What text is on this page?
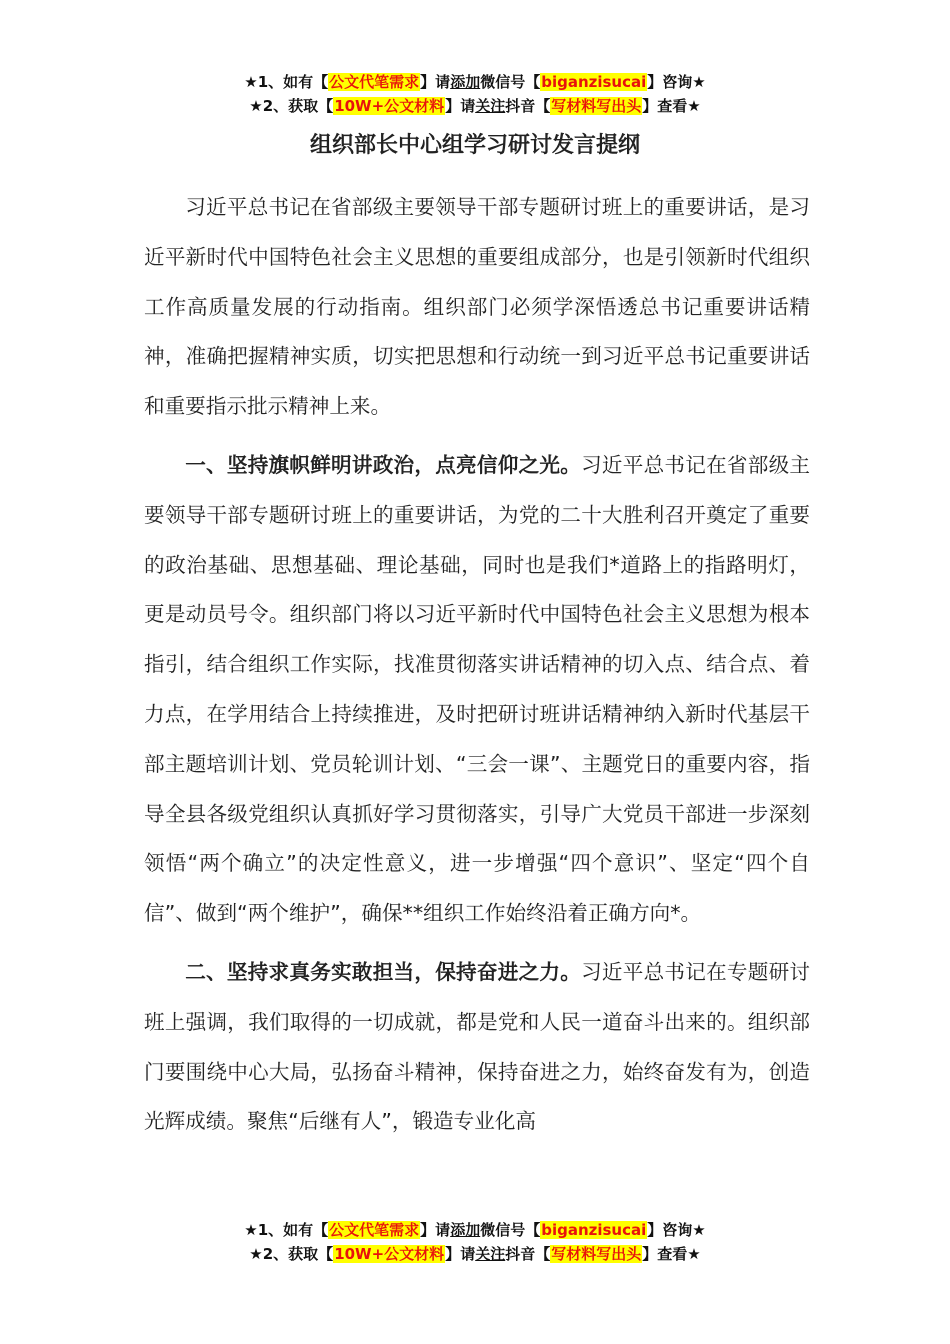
★1、如有【公文代笔需求】请添加微信号【biganzisucai】咨询★
★2、获取【10W+公文材料】请关注抖音【写材料写出头】查看★
组织部长中心组学习研讨发言提纲

习近平总书记在省部级主要领导干部专题研讨班上的重要讲话，是习近平新时代中国特色社会主义思想的重要组成部分，也是引领新时代组织工作高质量发展的行动指南。组织部门必须学深悟透总书记重要讲话精神，准确把握精神实质，切实把思想和行动统一到习近平总书记重要讲话和重要指示批示精神上来。

一、坚持旗帜鲜明讲政治，点亮信仰之光。习近平总书记在省部级主要领导干部专题研讨班上的重要讲话，为党的二十大胜利召开奠定了重要的政治基础、思想基础、理论基础，同时也是我们*道路上的指路明灯，更是动员号令。组织部门将以习近平新时代中国特色社会主义思想为根本指引，结合组织工作实际，找准贯彻落实讲话精神的切入点、结合点、着力点，在学用结合上持续推进，及时把研讨班讲话精神纳入新时代基层干部主题培训计划、党员轮训计划、“三会一课”、主题党日的重要内容，指导全县各级党组织认真抓好学习贯彻落实，引导广大党员干部进一步深刻领悟“两个确立”的决定性意义，进一步增强“四个意识”、坚定“四个自信”、做到“两个维护”，确保**组织工作始终沿着正确方向*。

二、坚持求真务实敢担当，保持奋进之力。习近平总书记在专题研讨班上强调，我们取得的一切成就，都是党和人民一道奋斗出来的。组织部门要围绕中心大局，弘扬奋斗精神，保持奋进之力，始终奋发有为，创造光辉成绩。聚焦“后继有人”，锻造专业化高

★1、如有【公文代笔需求】请添加微信号【biganzisucai】咨询★
★2、获取【10W+公文材料】请关注抖音【写材料写出头】查看★
